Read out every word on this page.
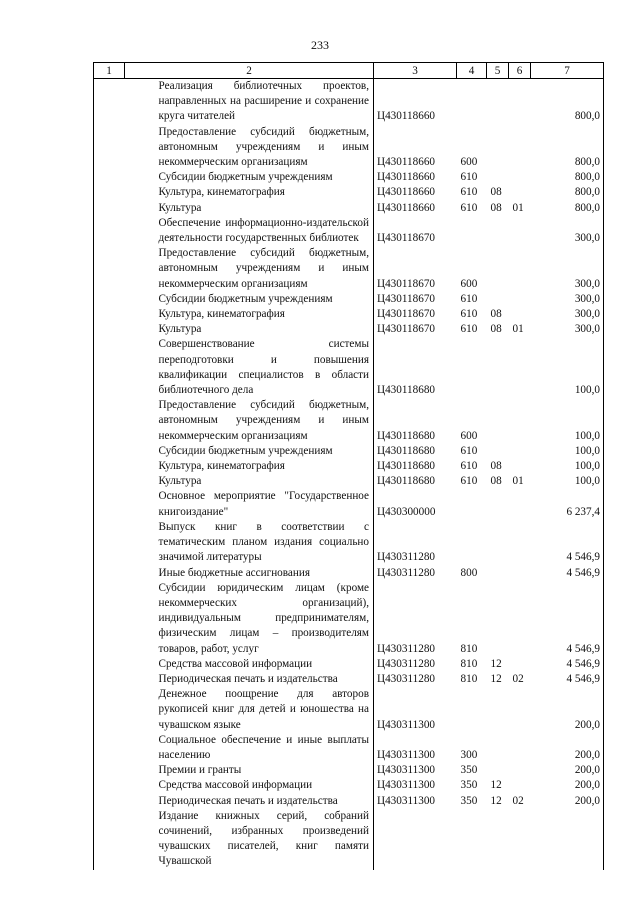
233
1	2	3	4	5	6	7
	Реализация библиотечных проектов, направленных на расширение и сохранение круга читателей	Ц430118660				800,0
	Предоставление субсидий бюджетным, автономным учреждениям и иным некоммерческим организациям	Ц430118660	600			800,0
	Субсидии бюджетным учреждениям	Ц430118660	610			800,0
	Культура, кинематография	Ц430118660	610	08		800,0
	Культура	Ц430118660	610	08	01	800,0
	Обеспечение информационно-издательской деятельности государственных библиотек	Ц430118670				300,0
	Предоставление субсидий бюджетным, автономным учреждениям и иным некоммерческим организациям	Ц430118670	600			300,0
	Субсидии бюджетным учреждениям	Ц430118670	610			300,0
	Культура, кинематография	Ц430118670	610	08		300,0
	Культура	Ц430118670	610	08	01	300,0
	Совершенствование системы переподготовки и повышения квалификации специалистов в области библиотечного дела	Ц430118680				100,0
	Предоставление субсидий бюджетным, автономным учреждениям и иным некоммерческим организациям	Ц430118680	600			100,0
	Субсидии бюджетным учреждениям	Ц430118680	610			100,0
	Культура, кинематография	Ц430118680	610	08		100,0
	Культура	Ц430118680	610	08	01	100,0
	Основное мероприятие "Государственное книгоиздание"	Ц430300000				6 237,4
	Выпуск книг в соответствии с тематическим планом издания социально значимой литературы	Ц430311280				4 546,9
	Иные бюджетные ассигнования	Ц430311280	800			4 546,9
	Субсидии юридическим лицам (кроме некоммерческих организаций), индивидуальным предпринимателям, физическим лицам – производителям товаров, работ, услуг	Ц430311280	810			4 546,9
	Средства массовой информации	Ц430311280	810	12		4 546,9
	Периодическая печать и издательства	Ц430311280	810	12	02	4 546,9
	Денежное поощрение для авторов рукописей книг для детей и юношества на чувашском языке	Ц430311300				200,0
	Социальное обеспечение и иные выплаты населению	Ц430311300	300			200,0
	Премии и гранты	Ц430311300	350			200,0
	Средства массовой информации	Ц430311300	350	12		200,0
	Периодическая печать и издательства	Ц430311300	350	12	02	200,0
	Издание книжных серий, собраний сочинений, избранных произведений чувашских писателей, книг памяти Чувашской					
